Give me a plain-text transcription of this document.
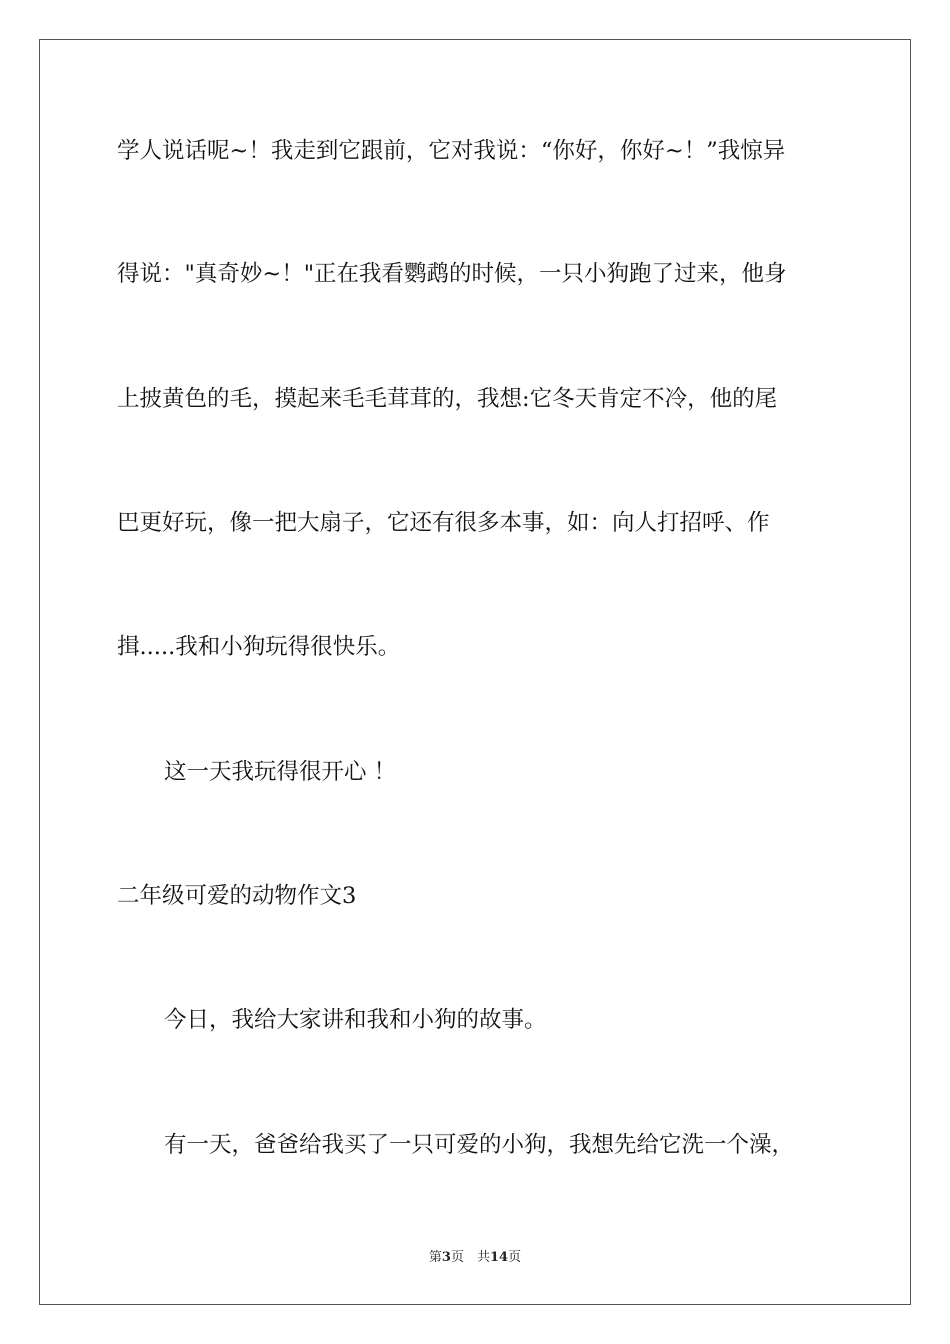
学人说话呢~！我走到它跟前，它对我说：“你好，你好~！”我惊异
得说："真奇妙~！"正在我看鹦鹉的时候，一只小狗跑了过来，他身
上披黄色的毛，摸起来毛毛茸茸的，我想:它冬天肯定不冷，他的尾
巴更好玩，像一把大扇子，它还有很多本事，如：向人打招呼、作
揖.....我和小狗玩得很快乐。
这一天我玩得很开心 ！
二年级可爱的动物作文3
今日，我给大家讲和我和小狗的故事。
有一天，爸爸给我买了一只可爱的小狗，我想先给它洗一个澡，
第3页　共14页
